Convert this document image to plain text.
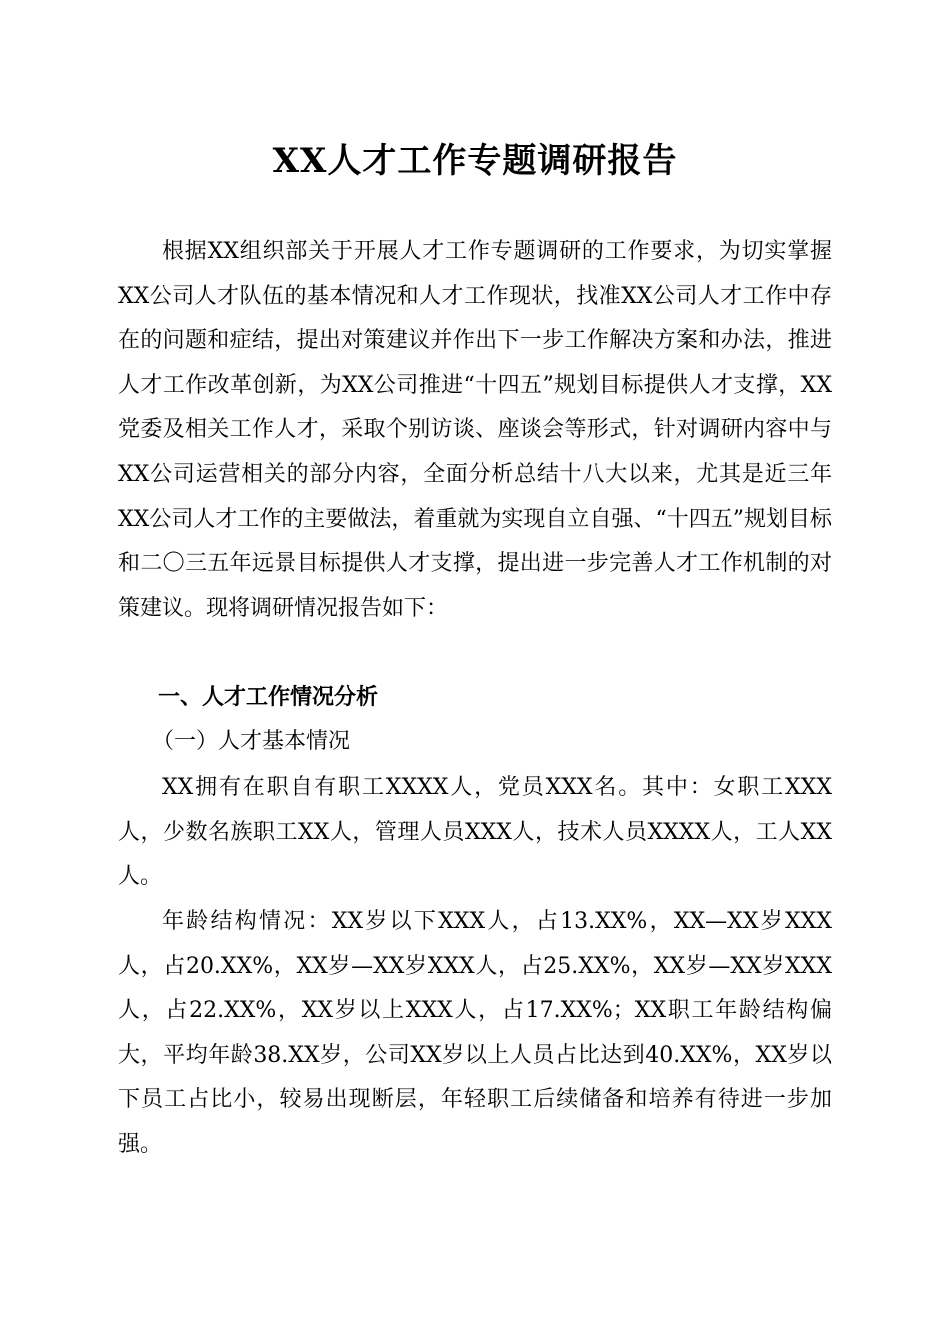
XX人才工作专题调研报告

根据XX组织部关于开展人才工作专题调研的工作要求，为切实掌握XX公司人才队伍的基本情况和人才工作现状，找准XX公司人才工作中存在的问题和症结，提出对策建议并作出下一步工作解决方案和办法，推进人才工作改革创新，为XX公司推进“十四五”规划目标提供人才支撑，XX党委及相关工作人才，采取个别访谈、座谈会等形式，针对调研内容中与XX公司运营相关的部分内容，全面分析总结十八大以来，尤其是近三年XX公司人才工作的主要做法，着重就为实现自立自强、“十四五”规划目标和二〇三五年远景目标提供人才支撑，提出进一步完善人才工作机制的对策建议。现将调研情况报告如下：

一、人才工作情况分析
（一）人才基本情况

XX拥有在职自有职工XXXX人，党员XXX名。其中：女职工XXX人，少数名族职工XX人，管理人员XXX人，技术人员XXXX人，工人XX人。

年龄结构情况：XX岁以下XXX人，占13.XX%，XX—XX岁XXX人，占20.XX%，XX岁—XX岁XXX人，占25.XX%，XX岁—XX岁XXX人，占22.XX%，XX岁以上XXX人，占17.XX%；XX职工年龄结构偏大，平均年龄38.XX岁，公司XX岁以上人员占比达到40.XX%，XX岁以下员工占比小，较易出现断层，年轻职工后续储备和培养有待进一步加强。
